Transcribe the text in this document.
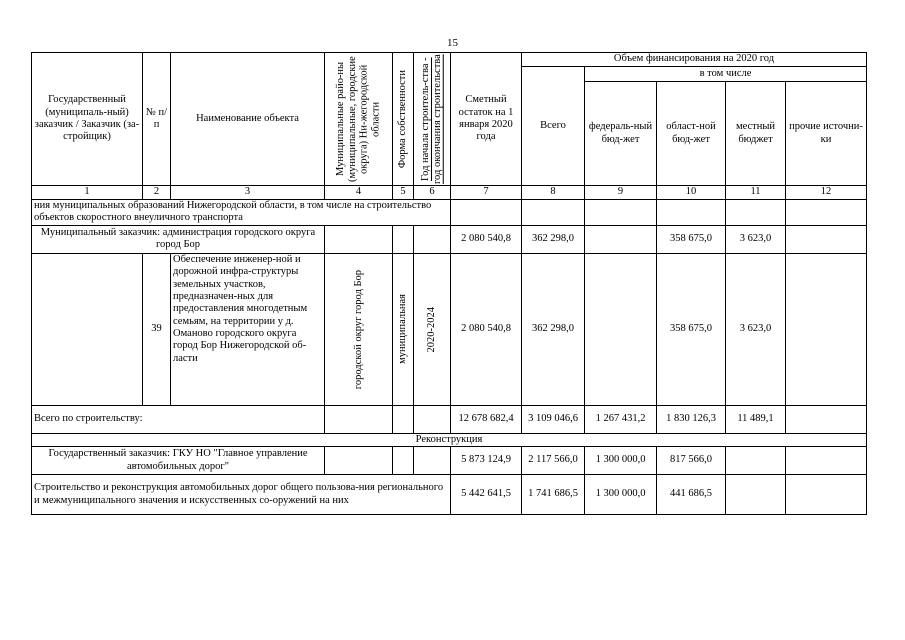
15
Государственный (муниципаль-ный) заказчик / Заказчик (за-стройщик)	№ п/ п	Наименование объекта	Муниципальные райо-ны (муниципальные, городские округа) Ни-жегородской области	Форма собственности	Год начала строитель-ства - год окончания строительства	Сметный остаток на 1 января 2020 года	Объем финансирования на 2020 год				
							Всего	в том числе			
								федераль-ный бюд-жет	област-ной бюд-жет	местный бюджет	прочие источни-ки
1	2	3	4	5	6	7	8	9	10	11	12
ния муниципальных образований Нижегородской области, в том числе на строительство объектов скоростного внеуличного транспорта											
Муниципальный заказчик: администрация городского округа город Бор						2 080 540,8	362 298,0		358 675,0	3 623,0	
	39	Обеспечение инженер-ной и дорожной инфра-структуры земельных участков, предназначен-ных для предоставления многодетным семьям, на территории у д. Оманово городского округа город Бор Нижегородской об-ласти	городской округ город Бор	муниципальная	2020-2024	2 080 540,8	362 298,0		358 675,0	3 623,0	
Всего по строительству:						12 678 682,4	3 109 046,6	1 267 431,2	1 830 126,3	11 489,1	
Реконструкция											
Государственный заказчик: ГКУ НО "Главное управление автомобильных дорог"						5 873 124,9	2 117 566,0	1 300 000,0	817 566,0		
Строительство и реконструкция автомобильных дорог общего пользова-ния регионального и межмуниципального значения и искусственных со-оружений на них						5 442 641,5	1 741 686,5	1 300 000,0	441 686,5		
